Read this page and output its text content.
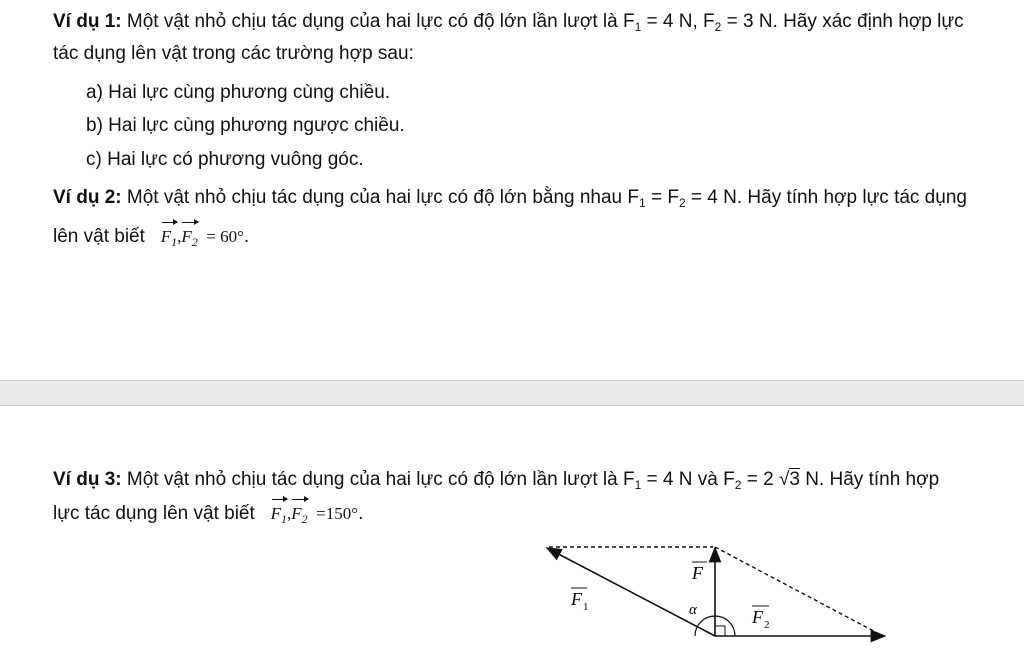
Ví dụ 1: Một vật nhỏ chịu tác dụng của hai lực có độ lớn lần lượt là $F_1 = 4$ N, $F_2 = 3$ N. Hãy xác định hợp lực
tác dụng lên vật trong các trường hợp sau:
a) Hai lực cùng phương cùng chiều.
b) Hai lực cùng phương ngược chiều.
c) Hai lực có phương vuông góc.
Ví dụ 2: Một vật nhỏ chịu tác dụng của hai lực có độ lớn bằng nhau $F_1 = F_2 = 4$ N. Hãy tính hợp lực tác dụng
lên vật biết $F_1,F_2 = 60^\circ$.
Ví dụ 3: Một vật nhỏ chịu tác dụng của hai lực có độ lớn lần lượt là $F_1 = 4$ N và $F_2 = 2$ √3 N. Hãy tính hợp
lực tác dụng lên vật biết $F_1,F_2 =150^\circ$.
F
F 1	F 2
α
